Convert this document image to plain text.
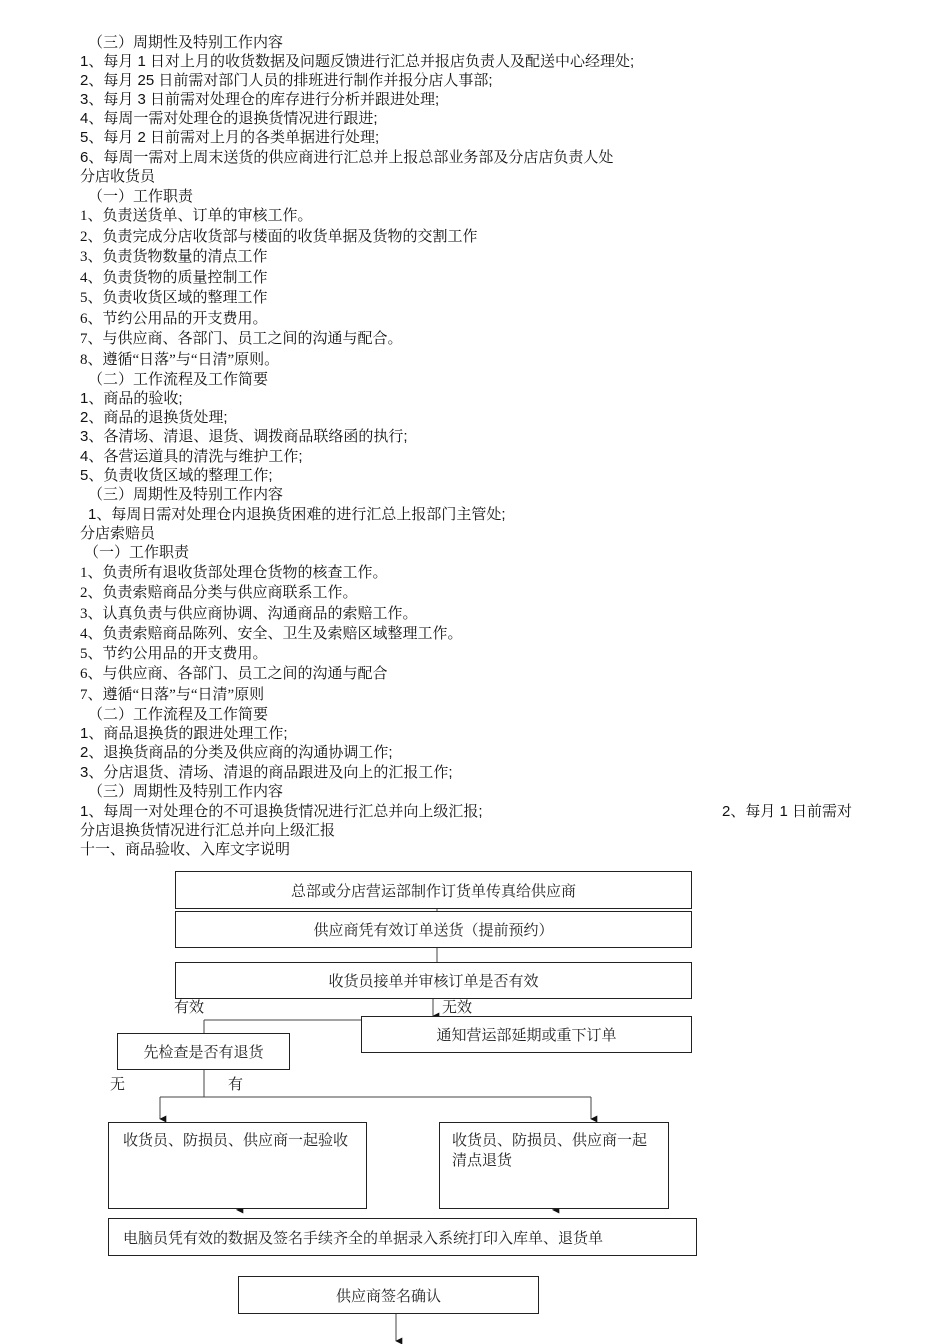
（三）周期性及特别工作内容
1、每月 1 日对上月的收货数据及问题反馈进行汇总并报店负责人及配送中心经理处;
2、每月 25 日前需对部门人员的排班进行制作并报分店人事部;
3、每月 3 日前需对处理仓的库存进行分析并跟进处理;
4、每周一需对处理仓的退换货情况进行跟进;
5、每月 2 日前需对上月的各类单据进行处理;
6、每周一需对上周末送货的供应商进行汇总并上报总部业务部及分店店负责人处
分店收货员
（一）工作职责
1、负责送货单、订单的审核工作。
2、负责完成分店收货部与楼面的收货单据及货物的交割工作
3、负责货物数量的清点工作
4、负责货物的质量控制工作
5、负责收货区域的整理工作
6、节约公用品的开支费用。
7、与供应商、各部门、员工之间的沟通与配合。
8、遵循“日落”与“日清”原则。
（二）工作流程及工作简要
1、商品的验收;
2、商品的退换货处理;
3、各清场、清退、退货、调拨商品联络函的执行;
4、各营运道具的清洗与维护工作;
5、负责收货区域的整理工作;
（三）周期性及特别工作内容
1、每周日需对处理仓内退换货困难的进行汇总上报部门主管处;
分店索赔员
（一）工作职责
1、负责所有退收货部处理仓货物的核查工作。
2、负责索赔商品分类与供应商联系工作。
3、认真负责与供应商协调、沟通商品的索赔工作。
4、负责索赔商品陈列、安全、卫生及索赔区域整理工作。
5、节约公用品的开支费用。
6、与供应商、各部门、员工之间的沟通与配合
7、遵循“日落”与“日清”原则
（二）工作流程及工作简要
1、商品退换货的跟进处理工作;
2、退换货商品的分类及供应商的沟通协调工作;
3、分店退货、清场、清退的商品跟进及向上的汇报工作;
（三）周期性及特别工作内容
1、每周一对处理仓的不可退换货情况进行汇总并向上级汇报;	2、每月 1 日前需对
分店退换货情况进行汇总并向上级汇报
十一、商品验收、入库文字说明
总部或分店营运部制作订货单传真给供应商
供应商凭有效订单送货（提前预约）
收货员接单并审核订单是否有效
有效	无效
通知营运部延期或重下订单
先检查是否有退货
无	有
收货员、防损员、供应商一起验收	收货员、防损员、供应商一起清点退货
电脑员凭有效的数据及签名手续齐全的单据录入系统打印入库单、退货单
供应商签名确认
